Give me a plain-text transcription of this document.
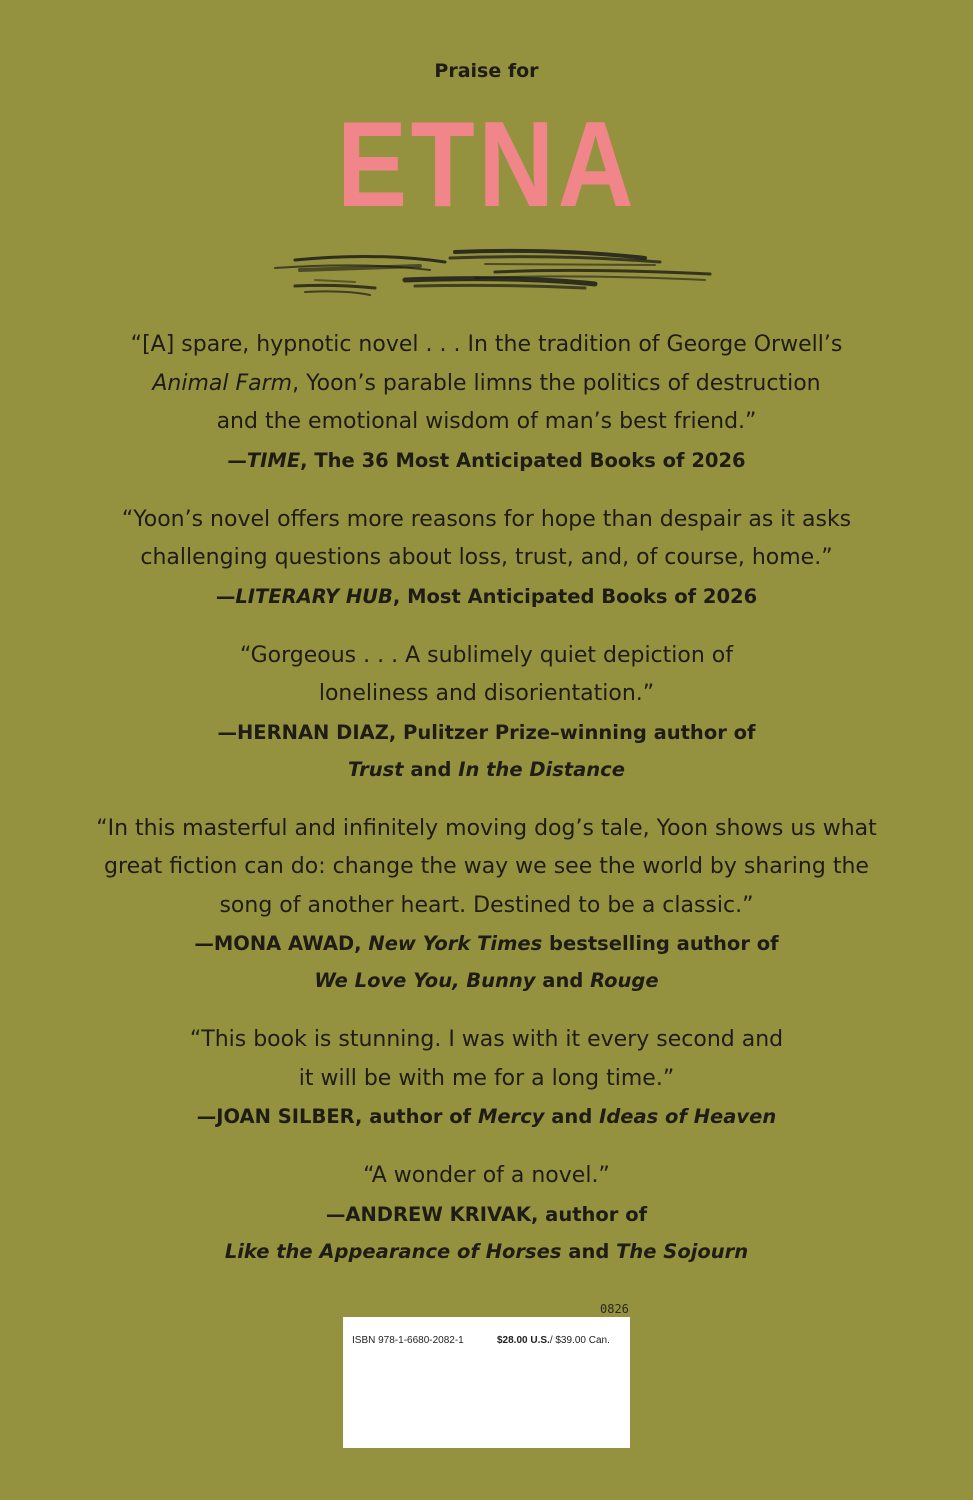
Praise for
ETNA
“[A] spare, hypnotic novel . . . In the tradition of George Orwell’s
Animal Farm, Yoon’s parable limns the politics of destruction
and the emotional wisdom of man’s best friend.”
—TIME, The 36 Most Anticipated Books of 2026
“Yoon’s novel offers more reasons for hope than despair as it asks
challenging questions about loss, trust, and, of course, home.”
—LITERARY HUB, Most Anticipated Books of 2026
“Gorgeous . . . A sublimely quiet depiction of
loneliness and disorientation.”
—HERNAN DIAZ, Pulitzer Prize–winning author of
Trust and In the Distance
“In this masterful and infinitely moving dog’s tale, Yoon shows us what
great fiction can do: change the way we see the world by sharing the
song of another heart. Destined to be a classic.”
—MONA AWAD, New York Times bestselling author of
We Love You, Bunny and Rouge
“This book is stunning. I was with it every second and
it will be with me for a long time.”
—JOAN SILBER, author of Mercy and Ideas of Heaven
“A wonder of a novel.”
—ANDREW KRIVAK, author of
Like the Appearance of Horses and The Sojourn
0826
ISBN 978-1-6680-2082-1	$28.00 U.S./ $39.00 Can.
